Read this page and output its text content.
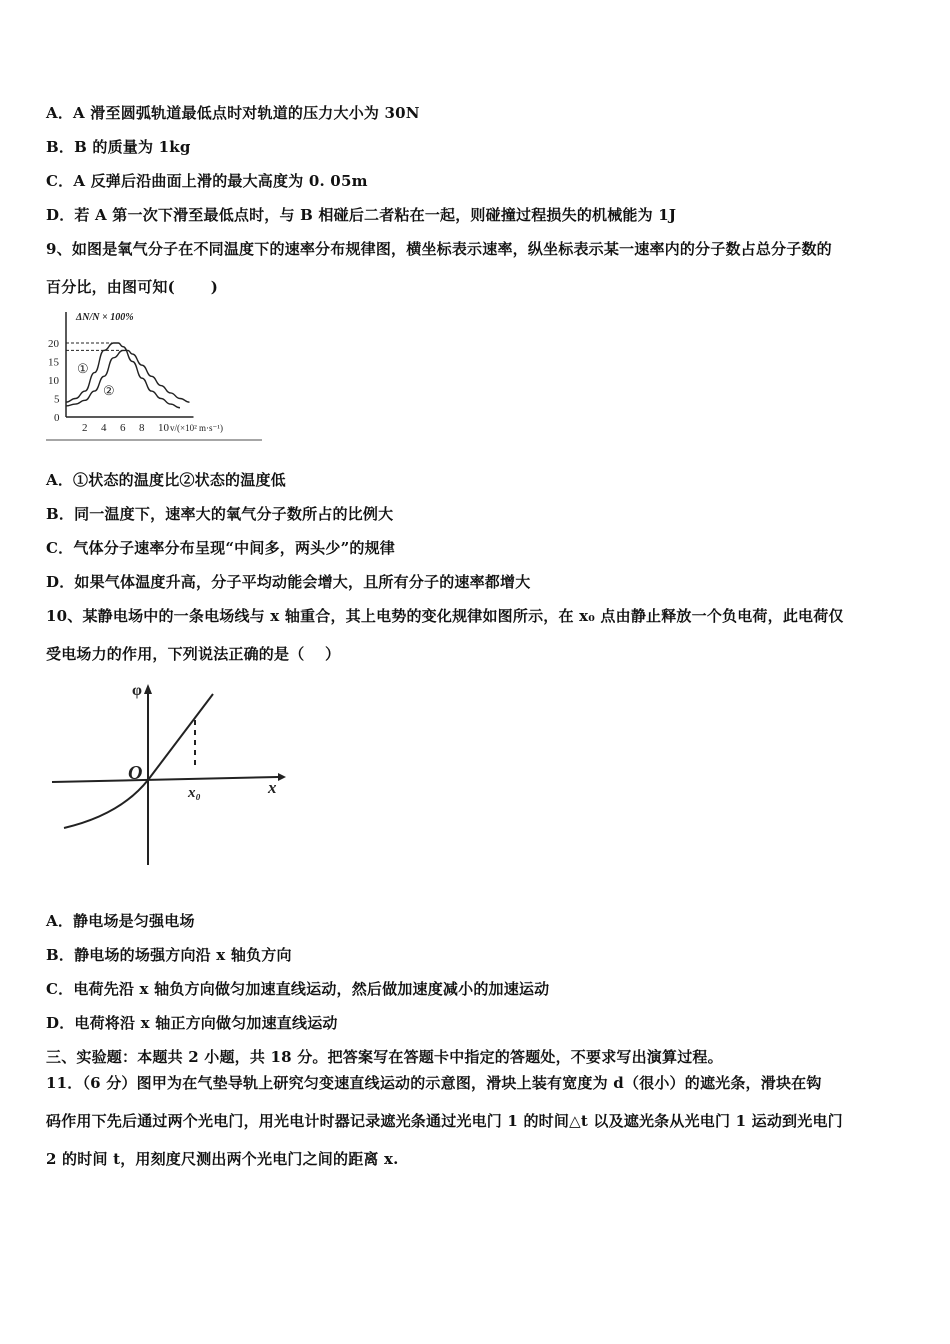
A．A 滑至圆弧轨道最低点时对轨道的压力大小为 30N
B．B 的质量为 1kg
C．A 反弹后沿曲面上滑的最大高度为 0. 05m
D．若 A 第一次下滑至最低点时，与 B 相碰后二者粘在一起，则碰撞过程损失的机械能为 1J
9、如图是氧气分子在不同温度下的速率分布规律图，横坐标表示速率，纵坐标表示某一速率内的分子数占总分子数的
百分比，由图可知(　　 )
2 4 6 8 10
0
5
10
15
20
ΔN/N × 100%
v/(×10² m·s⁻¹)
①
②
A．①状态的温度比②状态的温度低
B．同一温度下，速率大的氧气分子数所占的比例大
C．气体分子速率分布呈现“中间多，两头少”的规律
D．如果气体温度升高，分子平均动能会增大，且所有分子的速率都增大
10、某静电场中的一条电场线与 x 轴重合，其上电势的变化规律如图所示，在 x₀ 点由静止释放一个负电荷，此电荷仅
受电场力的作用，下列说法正确的是（　 ）
φ
O
x₀	x
A．静电场是匀强电场
B．静电场的场强方向沿 x 轴负方向
C．电荷先沿 x 轴负方向做匀加速直线运动，然后做加速度减小的加速运动
D．电荷将沿 x 轴正方向做匀加速直线运动
三、实验题：本题共 2 小题，共 18 分。把答案写在答题卡中指定的答题处，不要求写出演算过程。
11．（6 分）图甲为在气垫导轨上研究匀变速直线运动的示意图，滑块上装有宽度为 d（很小）的遮光条，滑块在钩
码作用下先后通过两个光电门，用光电计时器记录遮光条通过光电门 1 的时间△t 以及遮光条从光电门 1 运动到光电门
2 的时间 t，用刻度尺测出两个光电门之间的距离 x.
